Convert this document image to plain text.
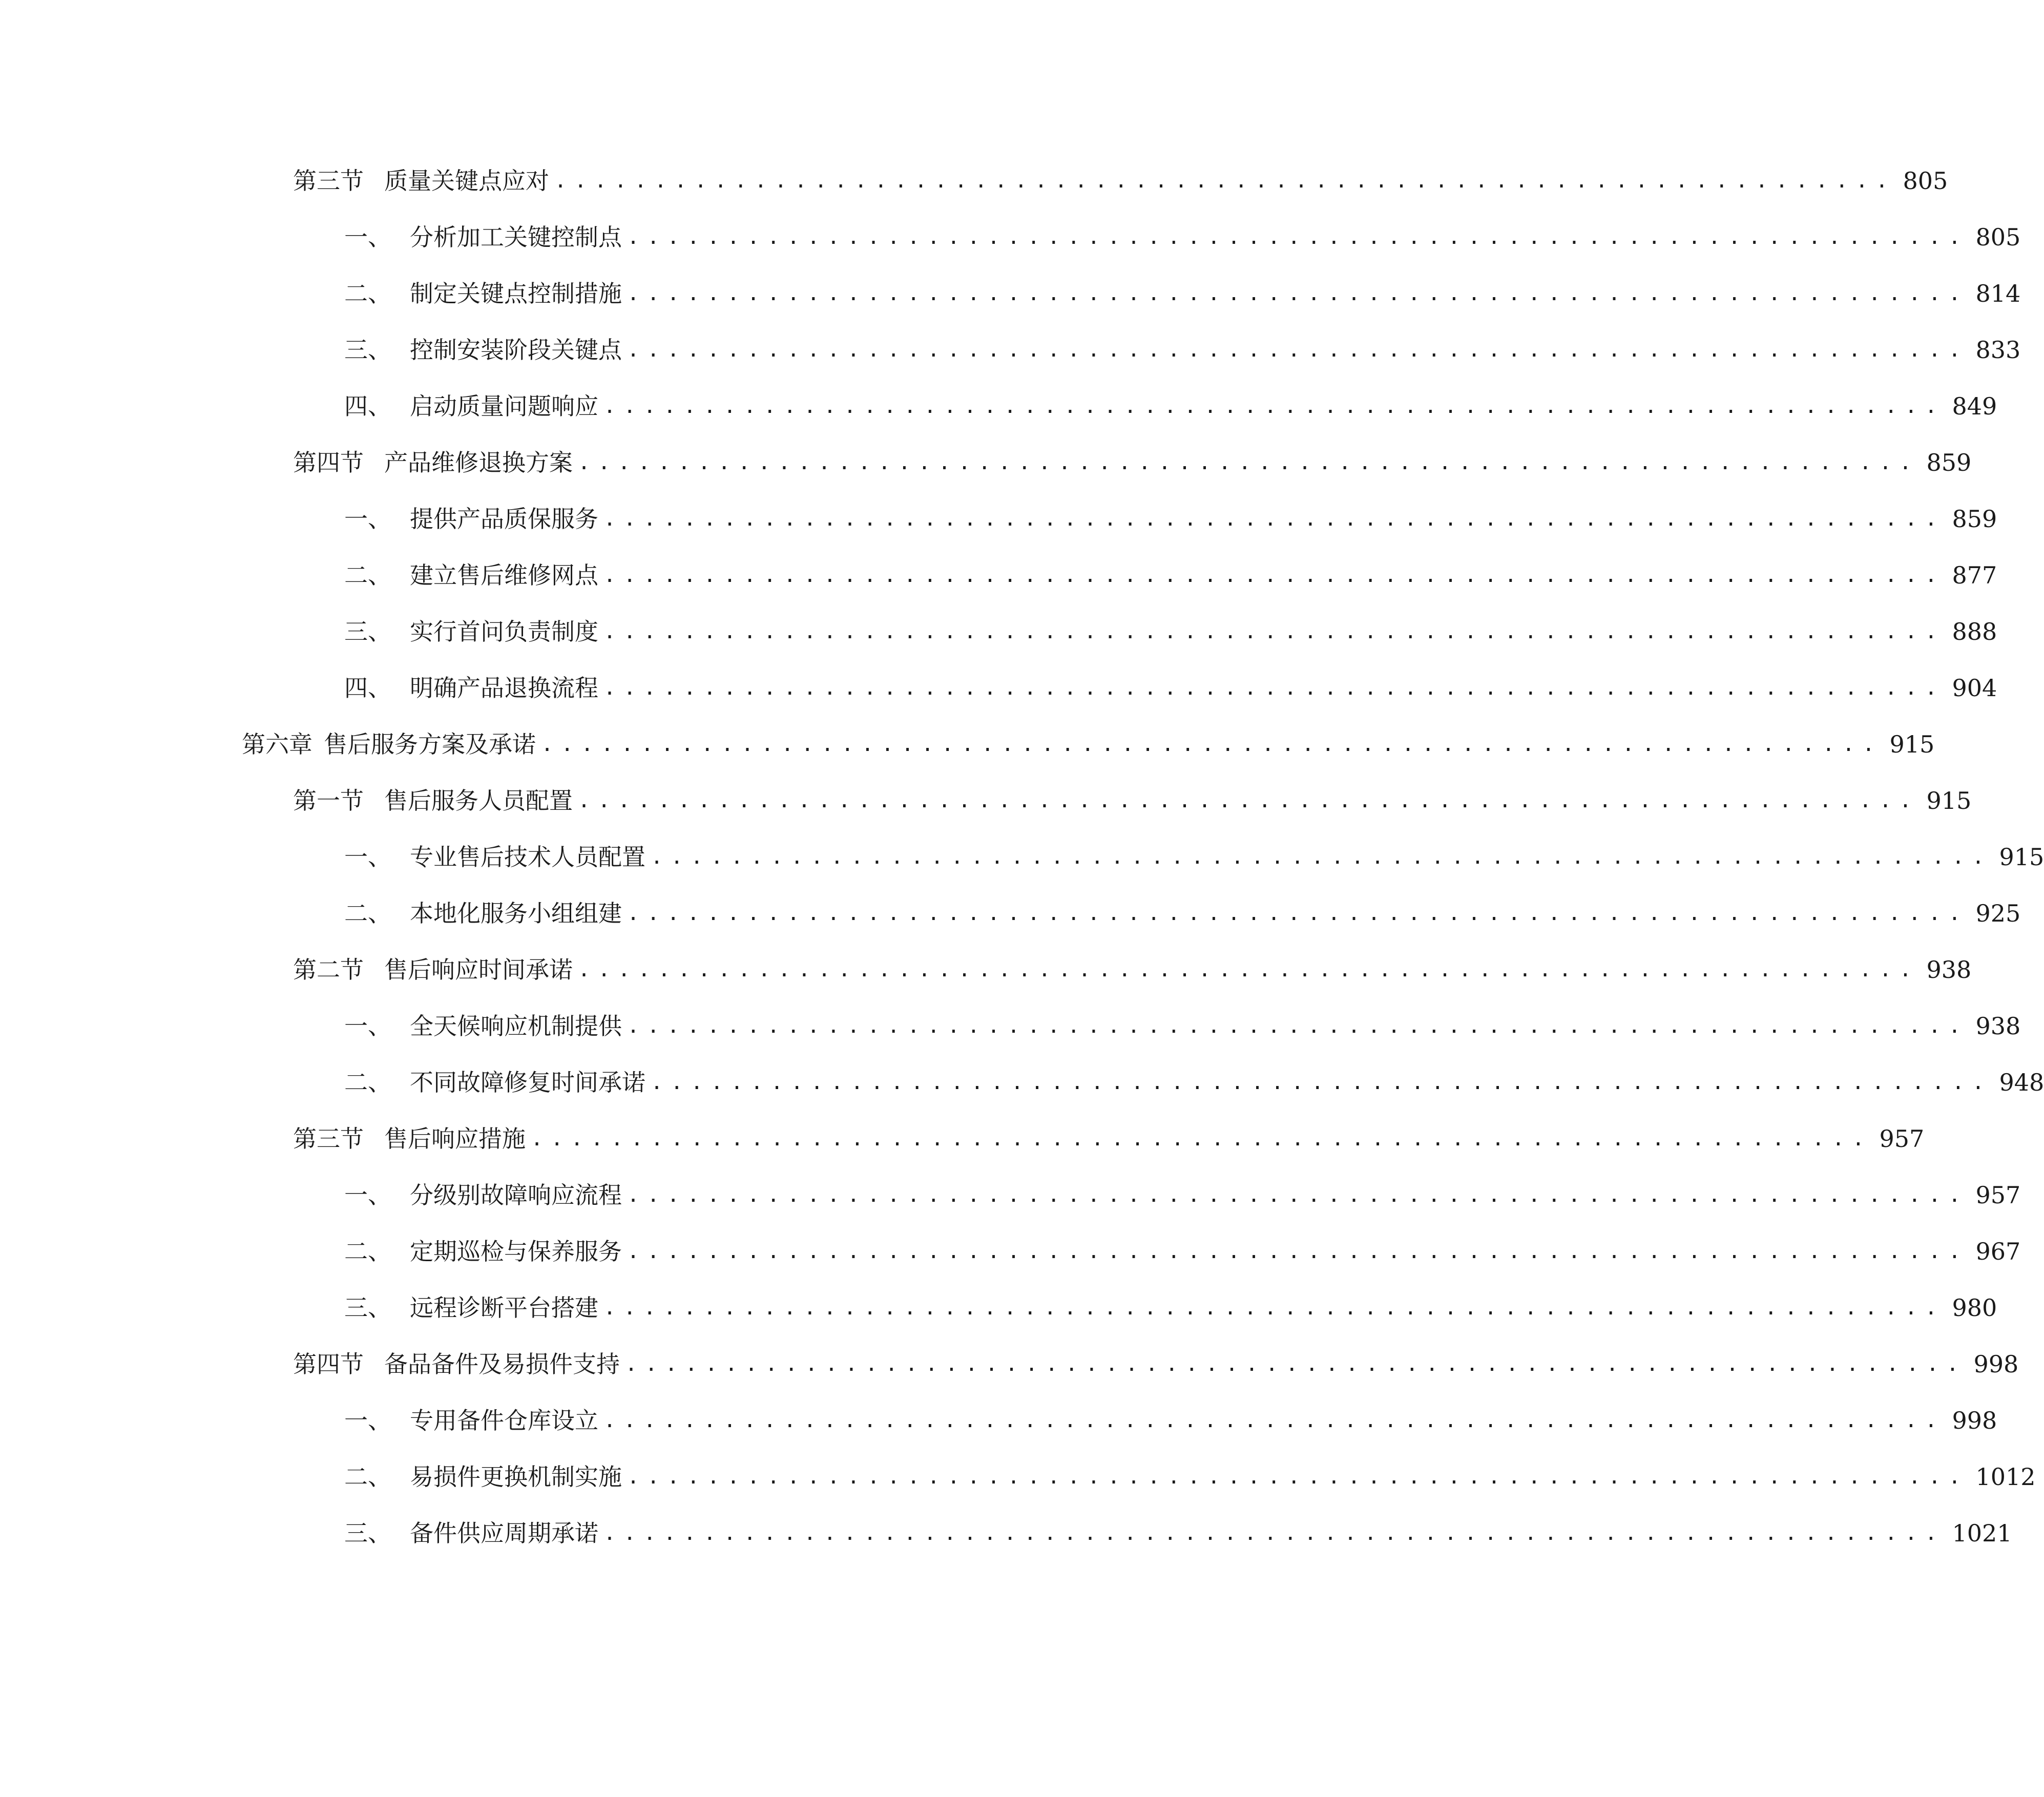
第三节 质量关键点应对 ................................................................... 805
一、 分析加工关键控制点 ................................................................... 805
二、 制定关键点控制措施 ................................................................... 814
三、 控制安装阶段关键点 ................................................................... 833
四、 启动质量问题响应 ................................................................... 849
第四节 产品维修退换方案 ................................................................... 859
一、 提供产品质保服务 ................................................................... 859
二、 建立售后维修网点 ................................................................... 877
三、 实行首问负责制度 ................................................................... 888
四、 明确产品退换流程 ................................................................... 904
第六章 售后服务方案及承诺 ................................................................... 915
第一节 售后服务人员配置 ................................................................... 915
一、 专业售后技术人员配置 ................................................................... 915
二、 本地化服务小组组建 ................................................................... 925
第二节 售后响应时间承诺 ................................................................... 938
一、 全天候响应机制提供 ................................................................... 938
二、 不同故障修复时间承诺 ................................................................... 948
第三节 售后响应措施 ................................................................... 957
一、 分级别故障响应流程 ................................................................... 957
二、 定期巡检与保养服务 ................................................................... 967
三、 远程诊断平台搭建 ................................................................... 980
第四节 备品备件及易损件支持 ................................................................... 998
一、 专用备件仓库设立 ................................................................... 998
二、 易损件更换机制实施 ................................................................... 1012
三、 备件供应周期承诺 ................................................................... 1021
